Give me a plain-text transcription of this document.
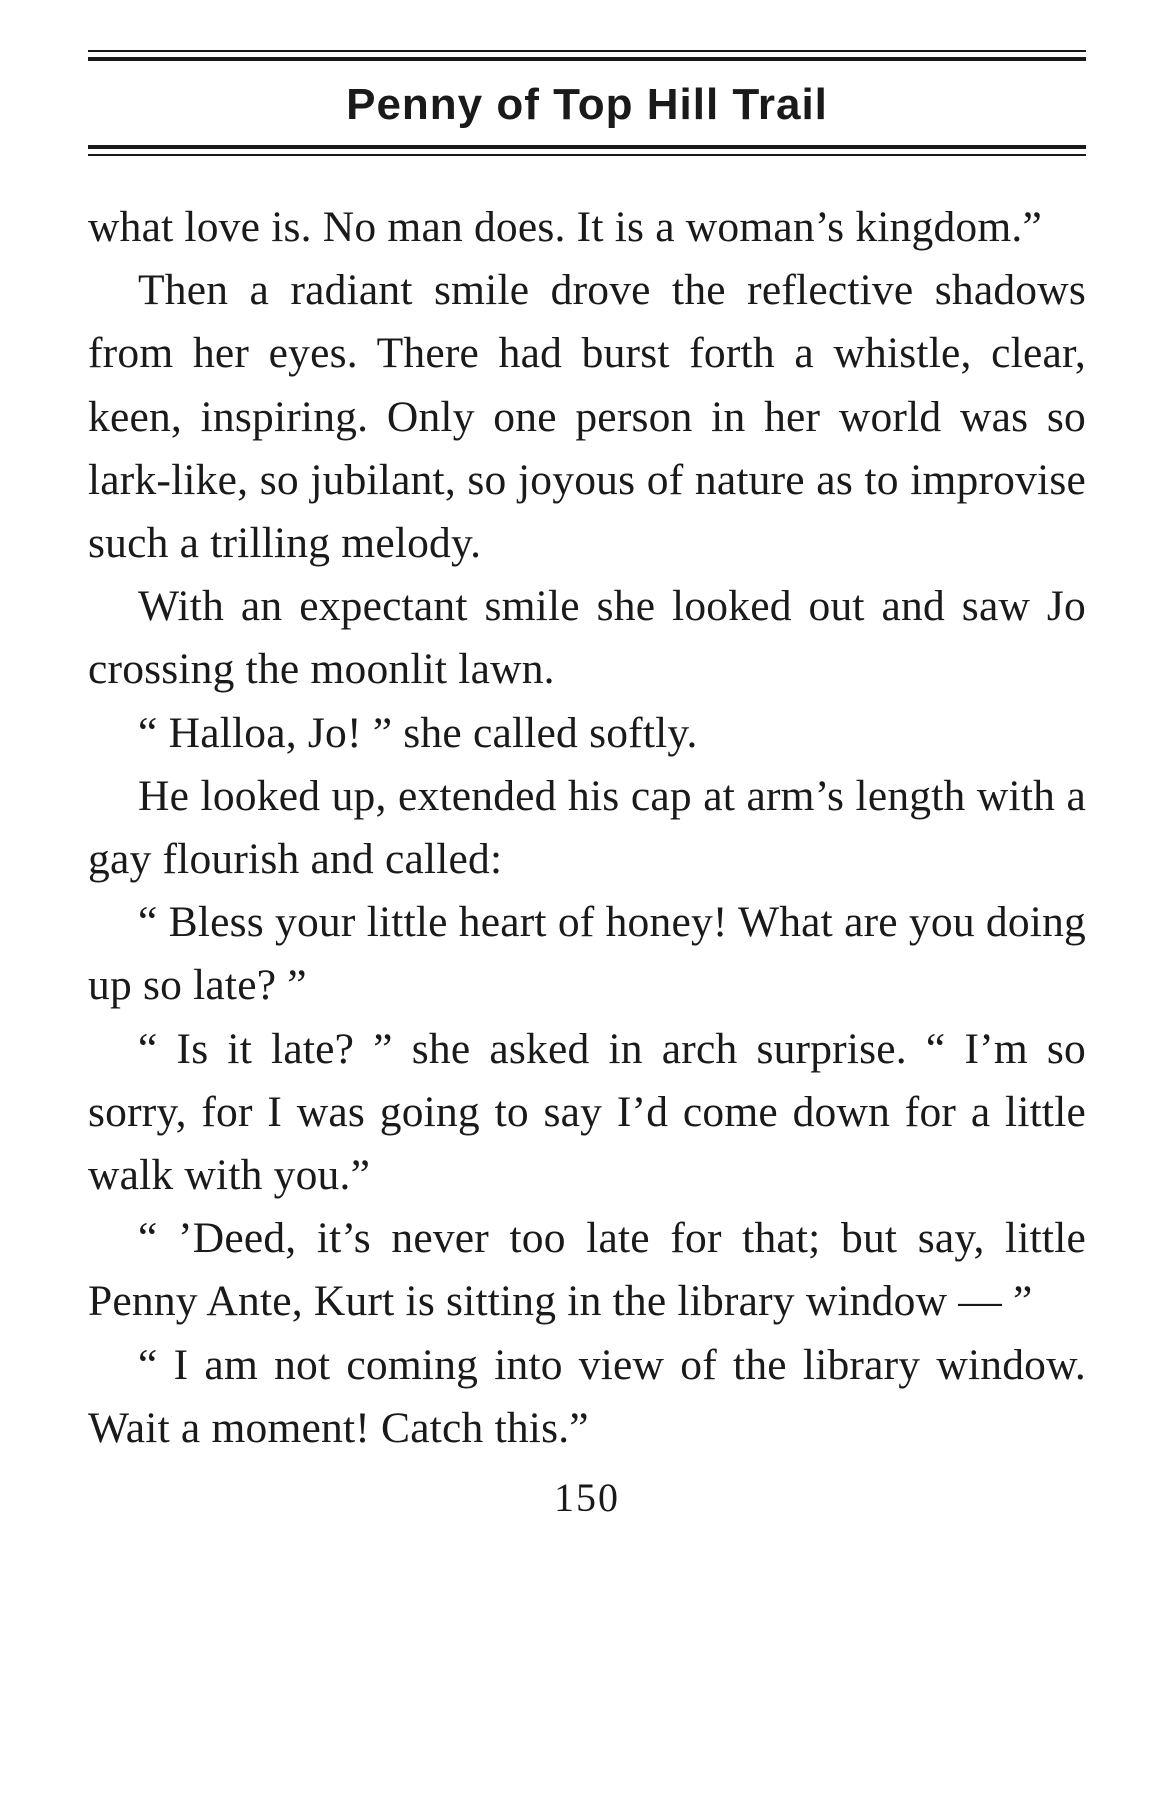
Penny of Top Hill Trail

what love is. No man does. It is a woman’s kingdom.”

Then a radiant smile drove the reflective shadows from her eyes. There had burst forth a whistle, clear, keen, inspiring. Only one person in her world was so lark-like, so jubilant, so joyous of nature as to improvise such a trilling melody.

With an expectant smile she looked out and saw Jo crossing the moonlit lawn.

“ Halloa, Jo! ” she called softly.

He looked up, extended his cap at arm’s length with a gay flourish and called:

“ Bless your little heart of honey! What are you doing up so late? ”

“ Is it late? ” she asked in arch surprise. “ I’m so sorry, for I was going to say I’d come down for a little walk with you.”

“ ’Deed, it’s never too late for that; but say, little Penny Ante, Kurt is sitting in the library window — ”

“ I am not coming into view of the library window. Wait a moment! Catch this.”

150
